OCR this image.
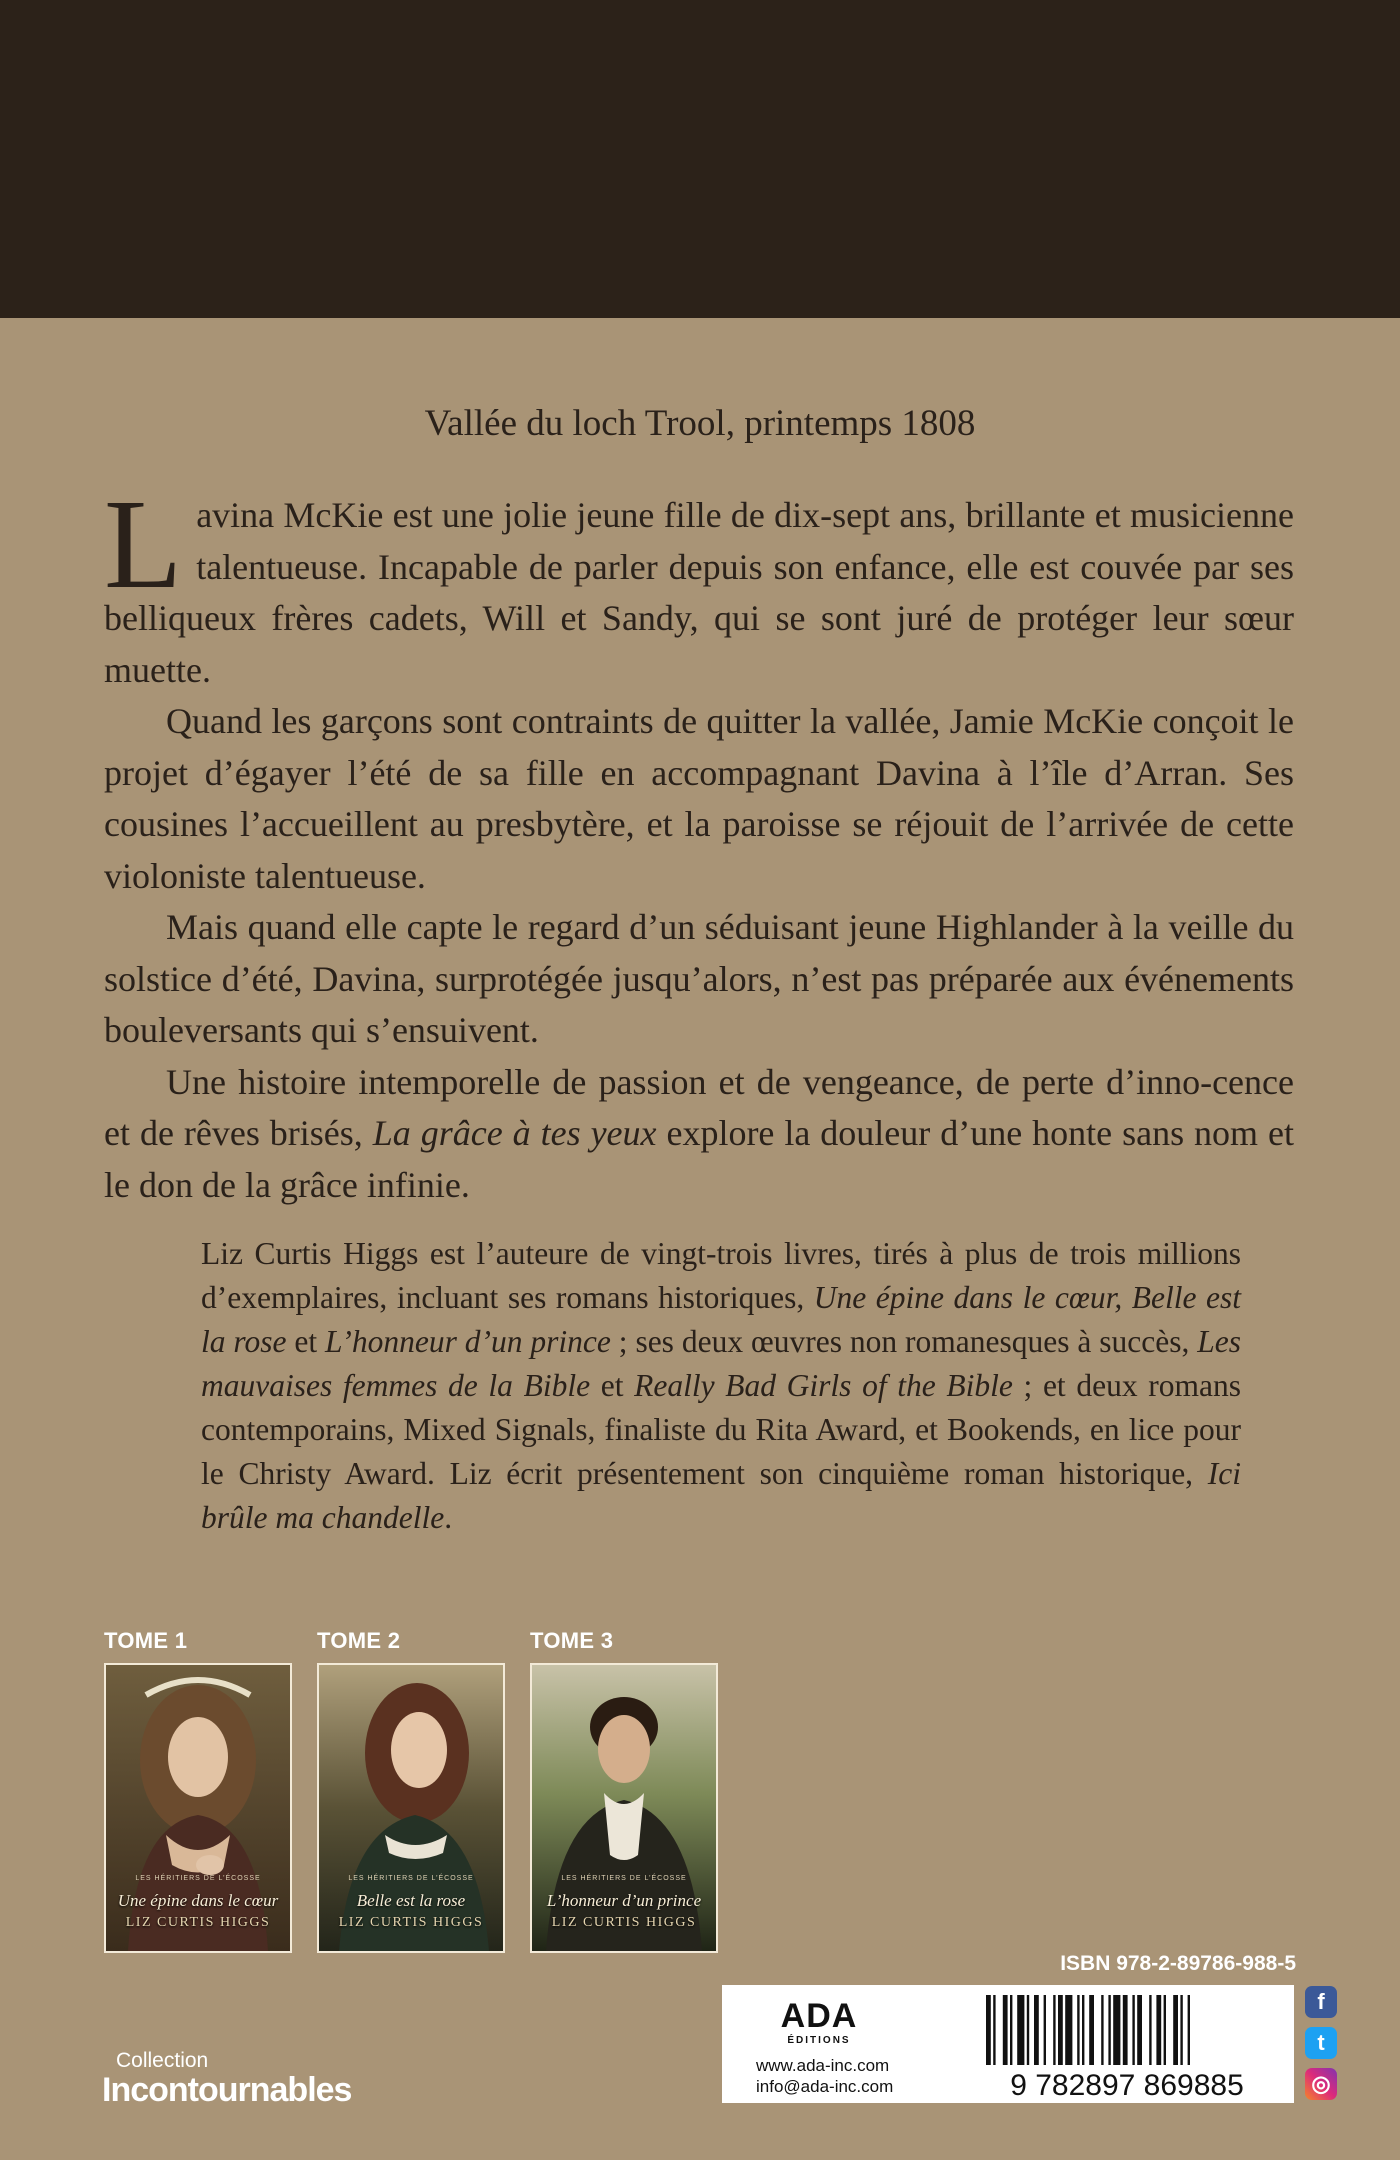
Vallée du loch Trool, printemps 1808

Lavina McKie est une jolie jeune fille de dix-sept ans, brillante et musicienne talentueuse. Incapable de parler depuis son enfance, elle est couvée par ses belliqueux frères cadets, Will et Sandy, qui se sont juré de protéger leur sœur muette.

Quand les garçons sont contraints de quitter la vallée, Jamie McKie conçoit le projet d’égayer l’été de sa fille en accompagnant Davina à l’île d’Arran. Ses cousines l’accueillent au presbytère, et la paroisse se réjouit de l’arrivée de cette violoniste talentueuse.

Mais quand elle capte le regard d’un séduisant jeune Highlander à la veille du solstice d’été, Davina, surprotégée jusqu’alors, n’est pas préparée aux événements bouleversants qui s’ensuivent.

Une histoire intemporelle de passion et de vengeance, de perte d’inno-cence et de rêves brisés, La grâce à tes yeux explore la douleur d’une honte sans nom et le don de la grâce infinie.

Liz Curtis Higgs est l’auteure de vingt-trois livres, tirés à plus de trois millions d’exemplaires, incluant ses romans historiques, Une épine dans le cœur, Belle est la rose et L’honneur d’un prince ; ses deux œuvres non romanesques à succès, Les mauvaises femmes de la Bible et Really Bad Girls of the Bible ; et deux romans contemporains, Mixed Signals, finaliste du Rita Award, et Bookends, en lice pour le Christy Award. Liz écrit présentement son cinquième roman historique, Ici brûle ma chandelle.
TOME 1	TOME 2	TOME 3
LES HÉRITIERS DE L’ÉCOSSE
Une épine dans le cœur
LIZ CURTIS HIGGS
LES HÉRITIERS DE L’ÉCOSSE
Belle est la rose
LIZ CURTIS HIGGS
LES HÉRITIERS DE L’ÉCOSSE
L’honneur d’un prince
LIZ CURTIS HIGGS
ISBN 978-2-89786-988-5
ADA
ÉDITIONS
www.ada-inc.com
info@ada-inc.com	9 782897 869885
f
t
◎
Collection
Incontournables
